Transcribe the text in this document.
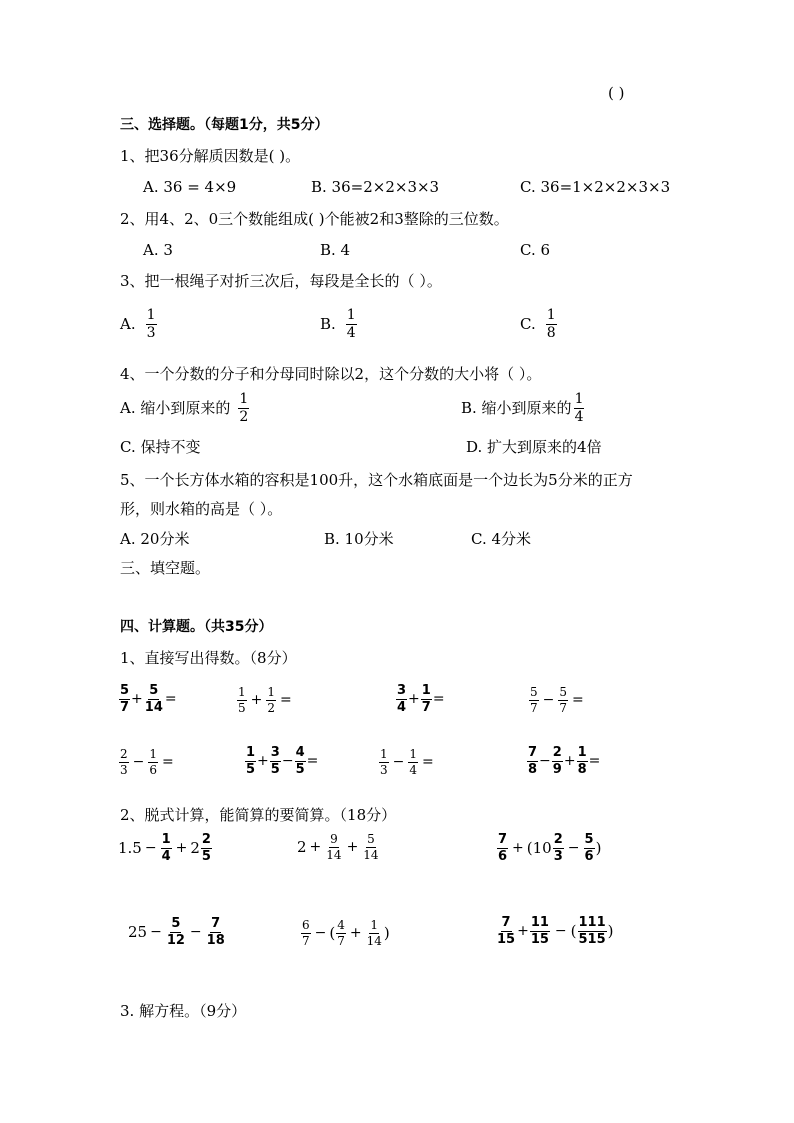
( )
三、选择题。（每题1分，共5分）
1、把36分解质因数是( )。
A. 36 = 4×9	B. 36=2×2×3×3	C. 36=1×2×2×3×3
2、用4、2、0三个数能组成( )个能被2和3整除的三位数。
A. 3	B. 4	C. 6
3、把一根绳子对折三次后，每段是全长的（ ）。
A. $\frac{1}{3}$	B. $\frac{1}{4}$	C. $\frac{1}{8}$
4、一个分数的分子和分母同时除以2，这个分数的大小将（ ）。
A. 缩小到原来的 $\frac{1}{2}$	B. 缩小到原来的 $\frac{1}{4}$
C. 保持不变	D. 扩大到原来的4倍
5、一个长方体水箱的容积是100升，这个水箱底面是一个边长为5分米的正方
形，则水箱的高是（ ）。
A. 20分米	B. 10分米	C. 4分米
三、填空题。
四、计算题。（共35分）
1、直接写出得数。（8分）
$\frac{5}{7} + \frac{5}{14}$ =	$\frac{1}{5} + \frac{1}{2}$ =	$\frac{3}{4} + \frac{1}{7}$ =	$\frac{5}{7} - \frac{5}{7}$ =
$\frac{2}{3} - \frac{1}{6}$ =	$\frac{1}{5} + \frac{3}{5} - \frac{4}{5}$ =	$\frac{1}{3} - \frac{1}{4}$ =	$\frac{7}{8} - \frac{2}{9} + \frac{1}{8}$ =
2、脱式计算，能简算的要简算。（18分）
$1.5 - \frac{1}{4} + 2 \frac{2}{5}$	$2 + \frac{9}{14} + \frac{5}{14}$	$\frac{7}{6}$ + ( $10 \frac{2}{3} - \frac{5}{6}$ )
$25 - \frac{5}{12} - \frac{7}{18}$	$\frac{6}{7}$ − ( $\frac{4}{7} + \frac{1}{14}$ )	$\frac{7}{15} + \frac{11}{15}$ − ( $\frac{111}{515}$ )
3. 解方程。（9分）
